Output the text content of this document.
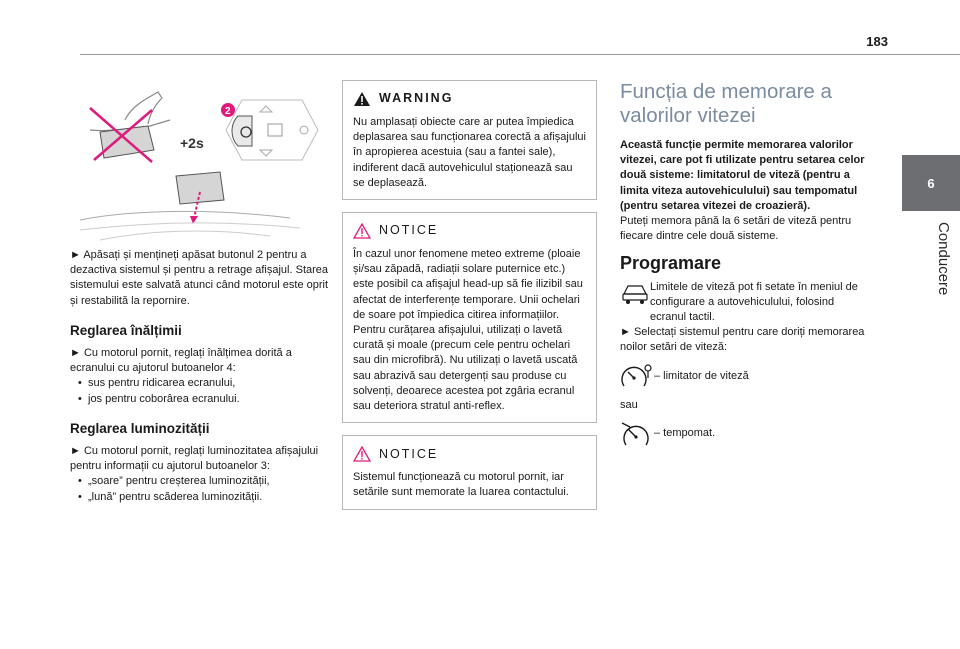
183
6
Conducere
+2s
2

► Apăsați și mențineți apăsat butonul 2 pentru a dezactiva sistemul și pentru a retrage afișajul. Starea sistemului este salvată atunci când motorul este oprit și restabilită la repornire.

Reglarea înălțimii

► Cu motorul pornit, reglați înălțimea dorită a ecranului cu ajutorul butoanelor 4:

• sus pentru ridicarea ecranului,
• jos pentru coborârea ecranului.
Reglarea luminozității

► Cu motorul pornit, reglați luminozitatea afișajului pentru informații cu ajutorul butoanelor 3:

• „soare” pentru creșterea luminozității,
• „lună” pentru scăderea luminozității.
WARNING

Nu amplasați obiecte care ar putea împiedica deplasarea sau funcționarea corectă a afișajului în apropierea acestuia (sau a fantei sale), indiferent dacă autovehiculul staționează sau se deplasează.

NOTICE

În cazul unor fenomene meteo extreme (ploaie și/sau zăpadă, radiații solare puternice etc.) este posibil ca afișajul head-up să fie ilizibil sau afectat de interferențe temporare. Unii ochelari de soare pot împiedica citirea informațiilor.

Pentru curățarea afișajului, utilizați o lavetă curată și moale (precum cele pentru ochelari sau din microfibră). Nu utilizați o lavetă uscată sau abrazivă sau detergenți sau produse cu solvenți, deoarece acestea pot zgâria ecranul sau deteriora stratul anti-reflex.

NOTICE

Sistemul funcționează cu motorul pornit, iar setările sunt memorate la luarea contactului.

Funcția de memorare a valorilor vitezei

Această funcție permite memorarea valorilor vitezei, care pot fi utilizate pentru setarea celor două sisteme: limitatorul de viteză (pentru a limita viteza autovehiculului) sau tempomatul (pentru setarea vitezei de croazieră).

Puteți memora până la 6 setări de viteză pentru fiecare dintre cele două sisteme.

Programare

Limitele de viteză pot fi setate în meniul de configurare a autovehiculului, folosind ecranul tactil.

► Selectați sistemul pentru care doriți memorarea noilor setări de viteză:

– limitator de viteză

sau

– tempomat.
